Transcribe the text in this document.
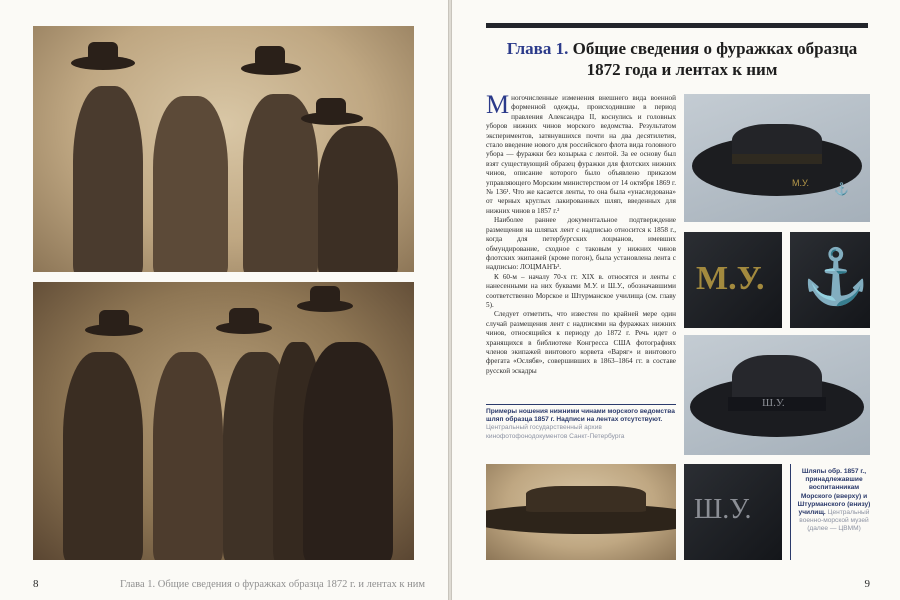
8	Глава 1. Общие сведения о фуражках образца 1872 г. и лентах к ним
Глава 1. Общие сведения о фуражках образца 1872 года и лентах к ним

Многочисленные изменения внешнего вида военной форменной одежды, происходившие в период правления Александра II, коснулись и головных уборов нижних чинов морского ведомства. Результатом экспериментов, затянувшихся почти на два десятилетия, стало введение нового для российского флота вида головного убора — фуражки без козырька с лентой. За ее основу был взят существующий образец фуражки для флотских нижних чинов, описание которого было объявлено приказом управляющего Морским министерством от 14 октября 1869 г. № 136¹. Что же касается ленты, то она была «унаследована» от черных круглых лакированных шляп, введенных для нижних чинов в 1857 г.²

Наиболее раннее документальное подтверждение размещения на шляпах лент с надписью относится к 1858 г., когда для петербургских лоцманов, имевших обмундирование, сходное с таковым у нижних чинов флотских экипажей (кроме погон), была установлена лента с надписью: ЛОЦМАНЪ³.

К 60-м – началу 70-х гг. XIX в. относятся и ленты с нанесенными на них буквами М.У. и Ш.У., обозначавшими соответственно Морское и Штурманское училища (см. главу 5).

Следует отметить, что известен по крайней мере один случай размещения лент с надписями на фуражках нижних чинов, относящийся к периоду до 1872 г. Речь идет о хранящихся в библиотеке Конгресса США фотографиях членов экипажей винтового корвета «Варяг» и винтового фрегата «Ослябя», совершивших в 1863–1864 гг. в составе русской эскадры

М.У. ⚓
М.У. ⚓
Ш.У.
Примеры ношения нижними чинами морского ведомства шляп образца 1857 г. Надписи на лентах отсутствуют. Центральный государственный архив кинофотофонодокументов Санкт-Петербурга
Ш.У.
Шляпы обр. 1857 г., принадлежавшие воспитанникам Морского (вверху) и Штурманского (внизу) училищ. Центральный военно-морской музей (далее — ЦВММ)
9
